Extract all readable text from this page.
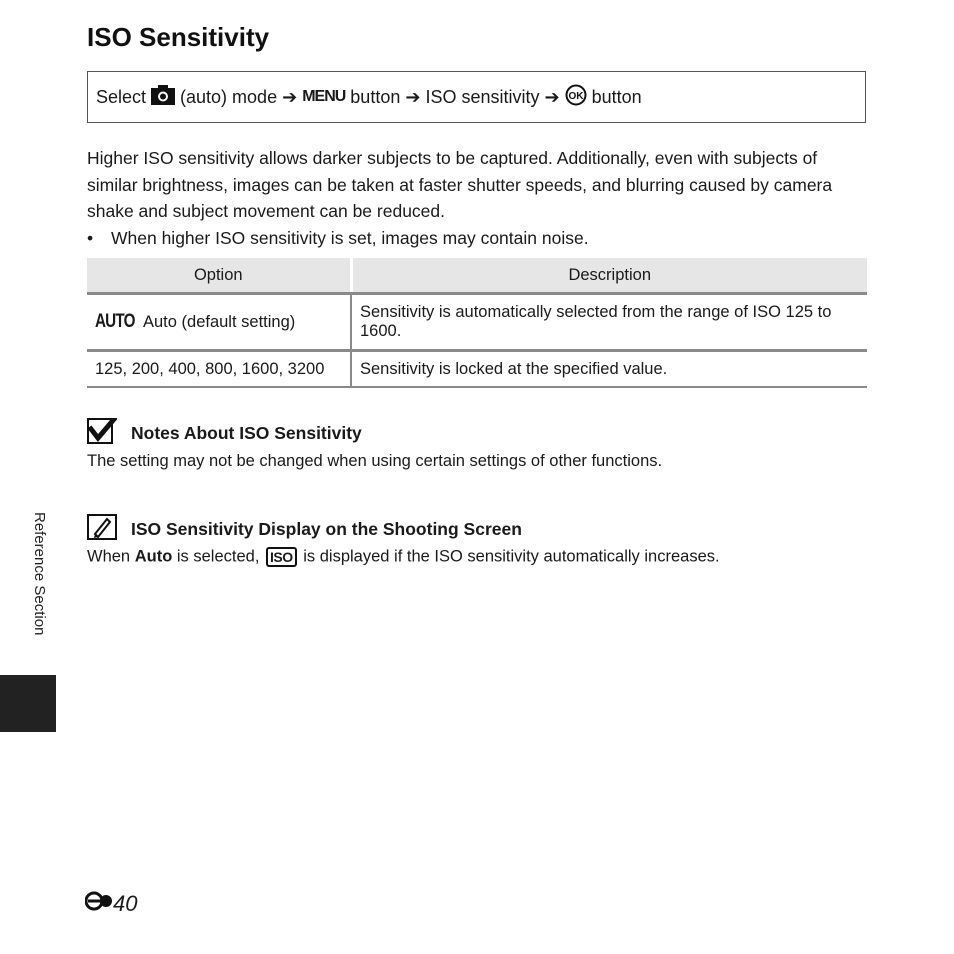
ISO Sensitivity
Select (auto) mode ➔ MENU button ➔ ISO sensitivity ➔ OK button
Higher ISO sensitivity allows darker subjects to be captured. Additionally, even with subjects of similar brightness, images can be taken at faster shutter speeds, and blurring caused by camera shake and subject movement can be reduced.
• When higher ISO sensitivity is set, images may contain noise.
Option	Description
AUTO Auto (default setting)	Sensitivity is automatically selected from the range of ISO 125 to 1600.
125, 200, 400, 800, 1600, 3200	Sensitivity is locked at the specified value.
Notes About ISO Sensitivity
The setting may not be changed when using certain settings of other functions.
ISO Sensitivity Display on the Shooting Screen
When Auto is selected, ISO is displayed if the ISO sensitivity automatically increases.
Reference Section
40
